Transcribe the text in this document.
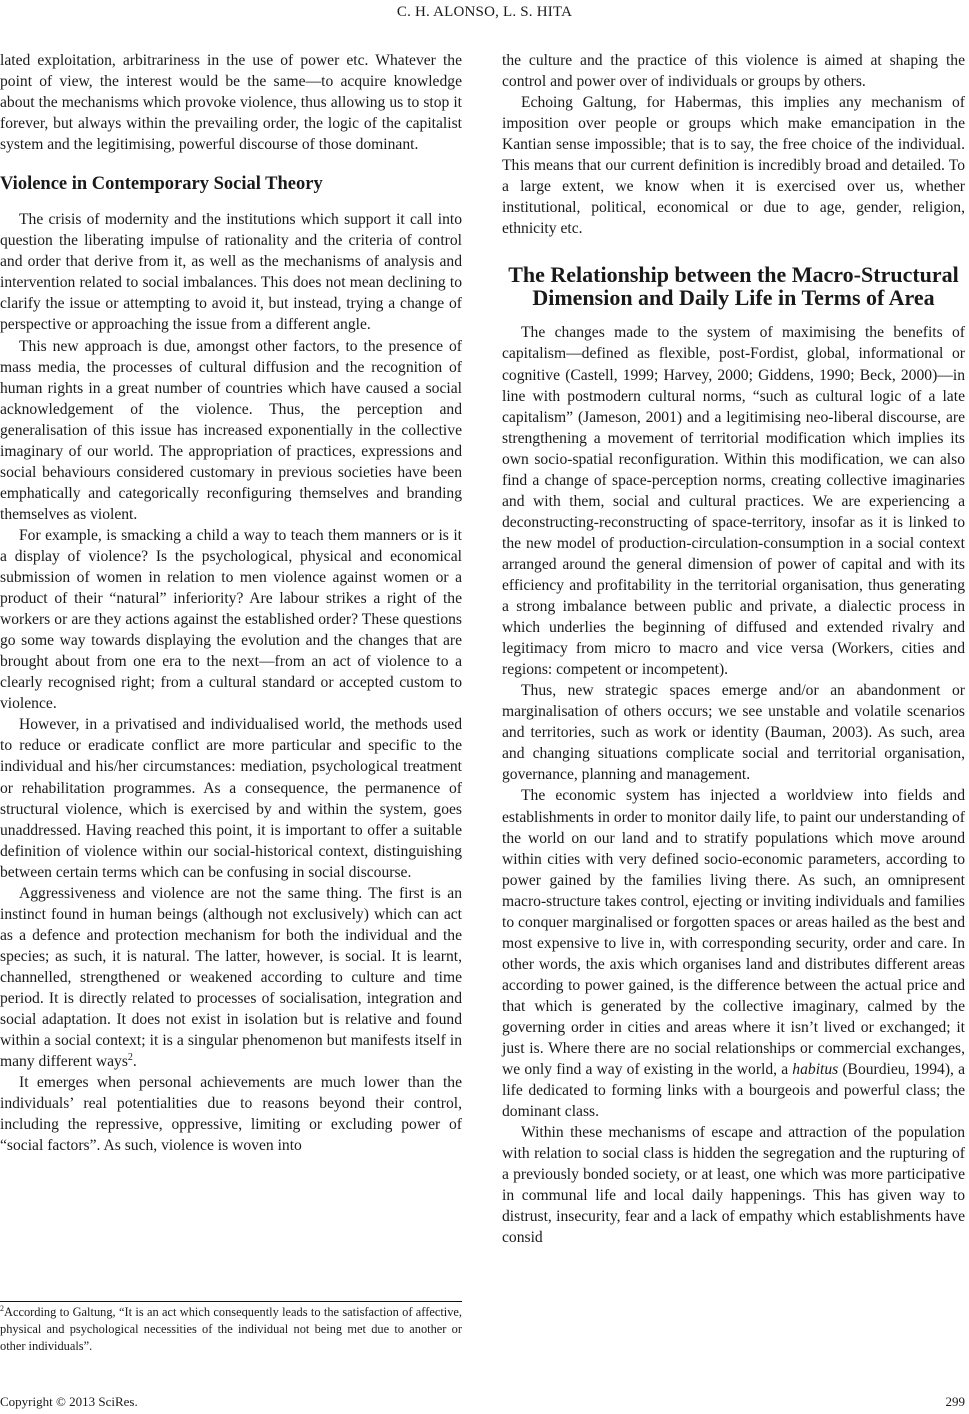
C. H. ALONSO, L. S. HITA

lated exploitation, arbitrariness in the use of power etc. Whatever the point of view, the interest would be the same—to acquire knowledge about the mechanisms which provoke violence, thus allowing us to stop it forever, but always within the prevailing order, the logic of the capitalist system and the legitimising, powerful discourse of those dominant.

Violence in Contemporary Social Theory

The crisis of modernity and the institutions which support it call into question the liberating impulse of rationality and the criteria of control and order that derive from it, as well as the mechanisms of analysis and intervention related to social imbalances. This does not mean declining to clarify the issue or attempting to avoid it, but instead, trying a change of perspective or approaching the issue from a different angle.

This new approach is due, amongst other factors, to the presence of mass media, the processes of cultural diffusion and the recognition of human rights in a great number of countries which have caused a social acknowledgement of the violence. Thus, the perception and generalisation of this issue has increased exponentially in the collective imaginary of our world. The appropriation of practices, expressions and social behaviours considered customary in previous societies have been emphatically and categorically reconfiguring themselves and branding themselves as violent.

For example, is smacking a child a way to teach them manners or is it a display of violence? Is the psychological, physical and economical submission of women in relation to men violence against women or a product of their “natural” inferiority? Are labour strikes a right of the workers or are they actions against the established order? These questions go some way towards displaying the evolution and the changes that are brought about from one era to the next—from an act of violence to a clearly recognised right; from a cultural standard or accepted custom to violence.

However, in a privatised and individualised world, the methods used to reduce or eradicate conflict are more particular and specific to the individual and his/her circumstances: mediation, psychological treatment or rehabilitation programmes. As a consequence, the permanence of structural violence, which is exercised by and within the system, goes unaddressed. Having reached this point, it is important to offer a suitable definition of violence within our social-historical context, distinguishing between certain terms which can be confusing in social discourse.

Aggressiveness and violence are not the same thing. The first is an instinct found in human beings (although not exclusively) which can act as a defence and protection mechanism for both the individual and the species; as such, it is natural. The latter, however, is social. It is learnt, channelled, strengthened or weakened according to culture and time period. It is directly related to processes of socialisation, integration and social adaptation. It does not exist in isolation but is relative and found within a social context; it is a singular phenomenon but manifests itself in many different ways$^2$.

It emerges when personal achievements are much lower than the individuals’ real potentialities due to reasons beyond their control, including the repressive, oppressive, limiting or excluding power of “social factors”. As such, violence is woven into

the culture and the practice of this violence is aimed at shaping the control and power over of individuals or groups by others.

Echoing Galtung, for Habermas, this implies any mechanism of imposition over people or groups which make emancipation in the Kantian sense impossible; that is to say, the free choice of the individual. This means that our current definition is incredibly broad and detailed. To a large extent, we know when it is exercised over us, whether institutional, political, economical or due to age, gender, religion, ethnicity etc.

The Relationship between the Macro-Structural
Dimension and Daily Life in Terms of Area

The changes made to the system of maximising the benefits of capitalism—defined as flexible, post-Fordist, global, informational or cognitive (Castell, 1999; Harvey, 2000; Giddens, 1990; Beck, 2000)—in line with postmodern cultural norms, “such as cultural logic of a late capitalism” (Jameson, 2001) and a legitimising neo-liberal discourse, are strengthening a movement of territorial modification which implies its own socio-spatial reconfiguration. Within this modification, we can also find a change of space-perception norms, creating collective imaginaries and with them, social and cultural practices. We are experiencing a deconstructing-reconstructing of space-territory, insofar as it is linked to the new model of production-circulation-consumption in a social context arranged around the general dimension of power of capital and with its efficiency and profitability in the territorial organisation, thus generating a strong imbalance between public and private, a dialectic process in which underlies the beginning of diffused and extended rivalry and legitimacy from micro to macro and vice versa (Workers, cities and regions: competent or incompetent).

Thus, new strategic spaces emerge and/or an abandonment or marginalisation of others occurs; we see unstable and volatile scenarios and territories, such as work or identity (Bauman, 2003). As such, area and changing situations complicate social and territorial organisation, governance, planning and management.

The economic system has injected a worldview into fields and establishments in order to monitor daily life, to paint our understanding of the world on our land and to stratify populations which move around within cities with very defined socio-economic parameters, according to power gained by the families living there. As such, an omnipresent macro-structure takes control, ejecting or inviting individuals and families to conquer marginalised or forgotten spaces or areas hailed as the best and most expensive to live in, with corresponding security, order and care. In other words, the axis which organises land and distributes different areas according to power gained, is the difference between the actual price and that which is generated by the collective imaginary, calmed by the governing order in cities and areas where it isn’t lived or exchanged; it just is. Where there are no social relationships or commercial exchanges, we only find a way of existing in the world, a habitus (Bourdieu, 1994), a life dedicated to forming links with a bourgeois and powerful class; the dominant class.

Within these mechanisms of escape and attraction of the population with relation to social class is hidden the segregation and the rupturing of a previously bonded society, or at least, one which was more participative in communal life and local daily happenings. This has given way to distrust, insecurity, fear and a lack of empathy which establishments have consid

$^2$According to Galtung, “It is an act which consequently leads to the satisfaction of affective, physical and psychological necessities of the individual not being met due to another or other individuals”.
Copyright © 2013 SciRes.	299
